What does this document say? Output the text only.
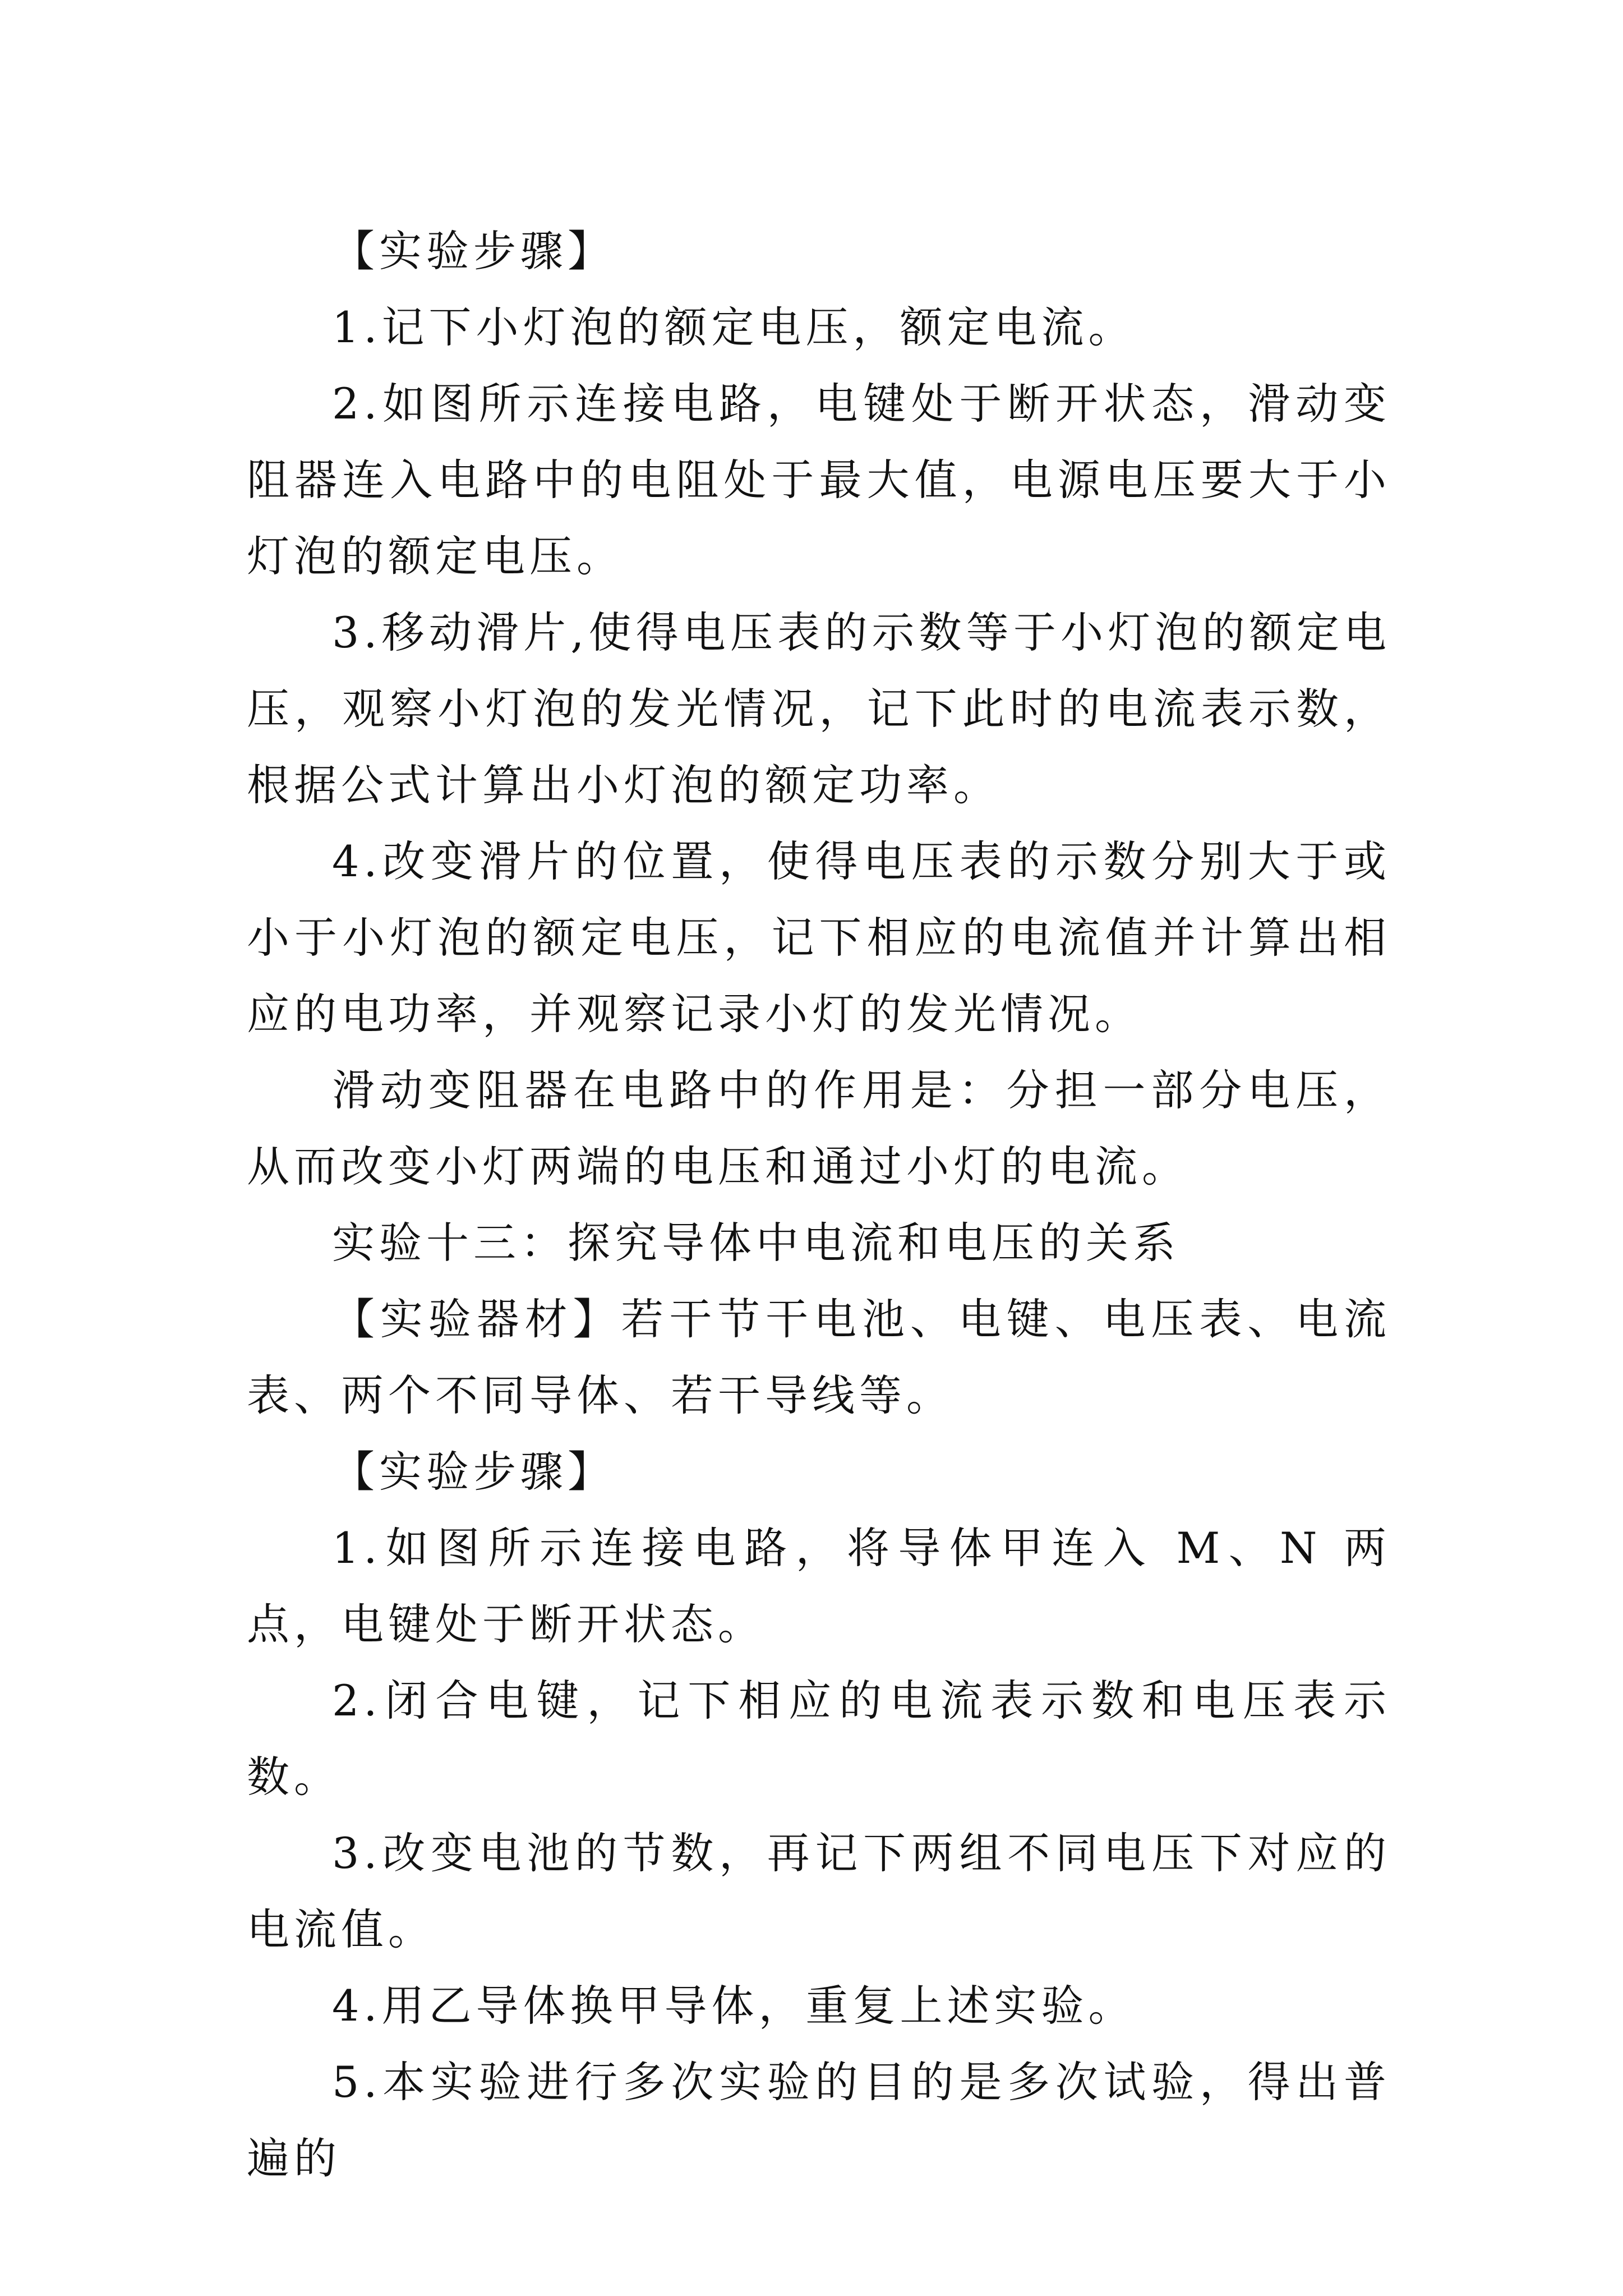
【实验步骤】

1.记下小灯泡的额定电压，额定电流。

2.如图所示连接电路，电键处于断开状态，滑动变阻器连入电路中的电阻处于最大值，电源电压要大于小灯泡的额定电压。

3.移动滑片,使得电压表的示数等于小灯泡的额定电压，观察小灯泡的发光情况，记下此时的电流表示数，根据公式计算出小灯泡的额定功率。

4.改变滑片的位置，使得电压表的示数分别大于或小于小灯泡的额定电压，记下相应的电流值并计算出相应的电功率，并观察记录小灯的发光情况。

滑动变阻器在电路中的作用是：分担一部分电压，从而改变小灯两端的电压和通过小灯的电流。

实验十三：探究导体中电流和电压的关系

【实验器材】若干节干电池、电键、电压表、电流表、两个不同导体、若干导线等。

【实验步骤】

1.如图所示连接电路，将导体甲连入 M、N 两点，电键处于断开状态。

2.闭合电键，记下相应的电流表示数和电压表示数。

3.改变电池的节数，再记下两组不同电压下对应的电流值。

4.用乙导体换甲导体，重复上述实验。

5.本实验进行多次实验的目的是多次试验，得出普遍的
